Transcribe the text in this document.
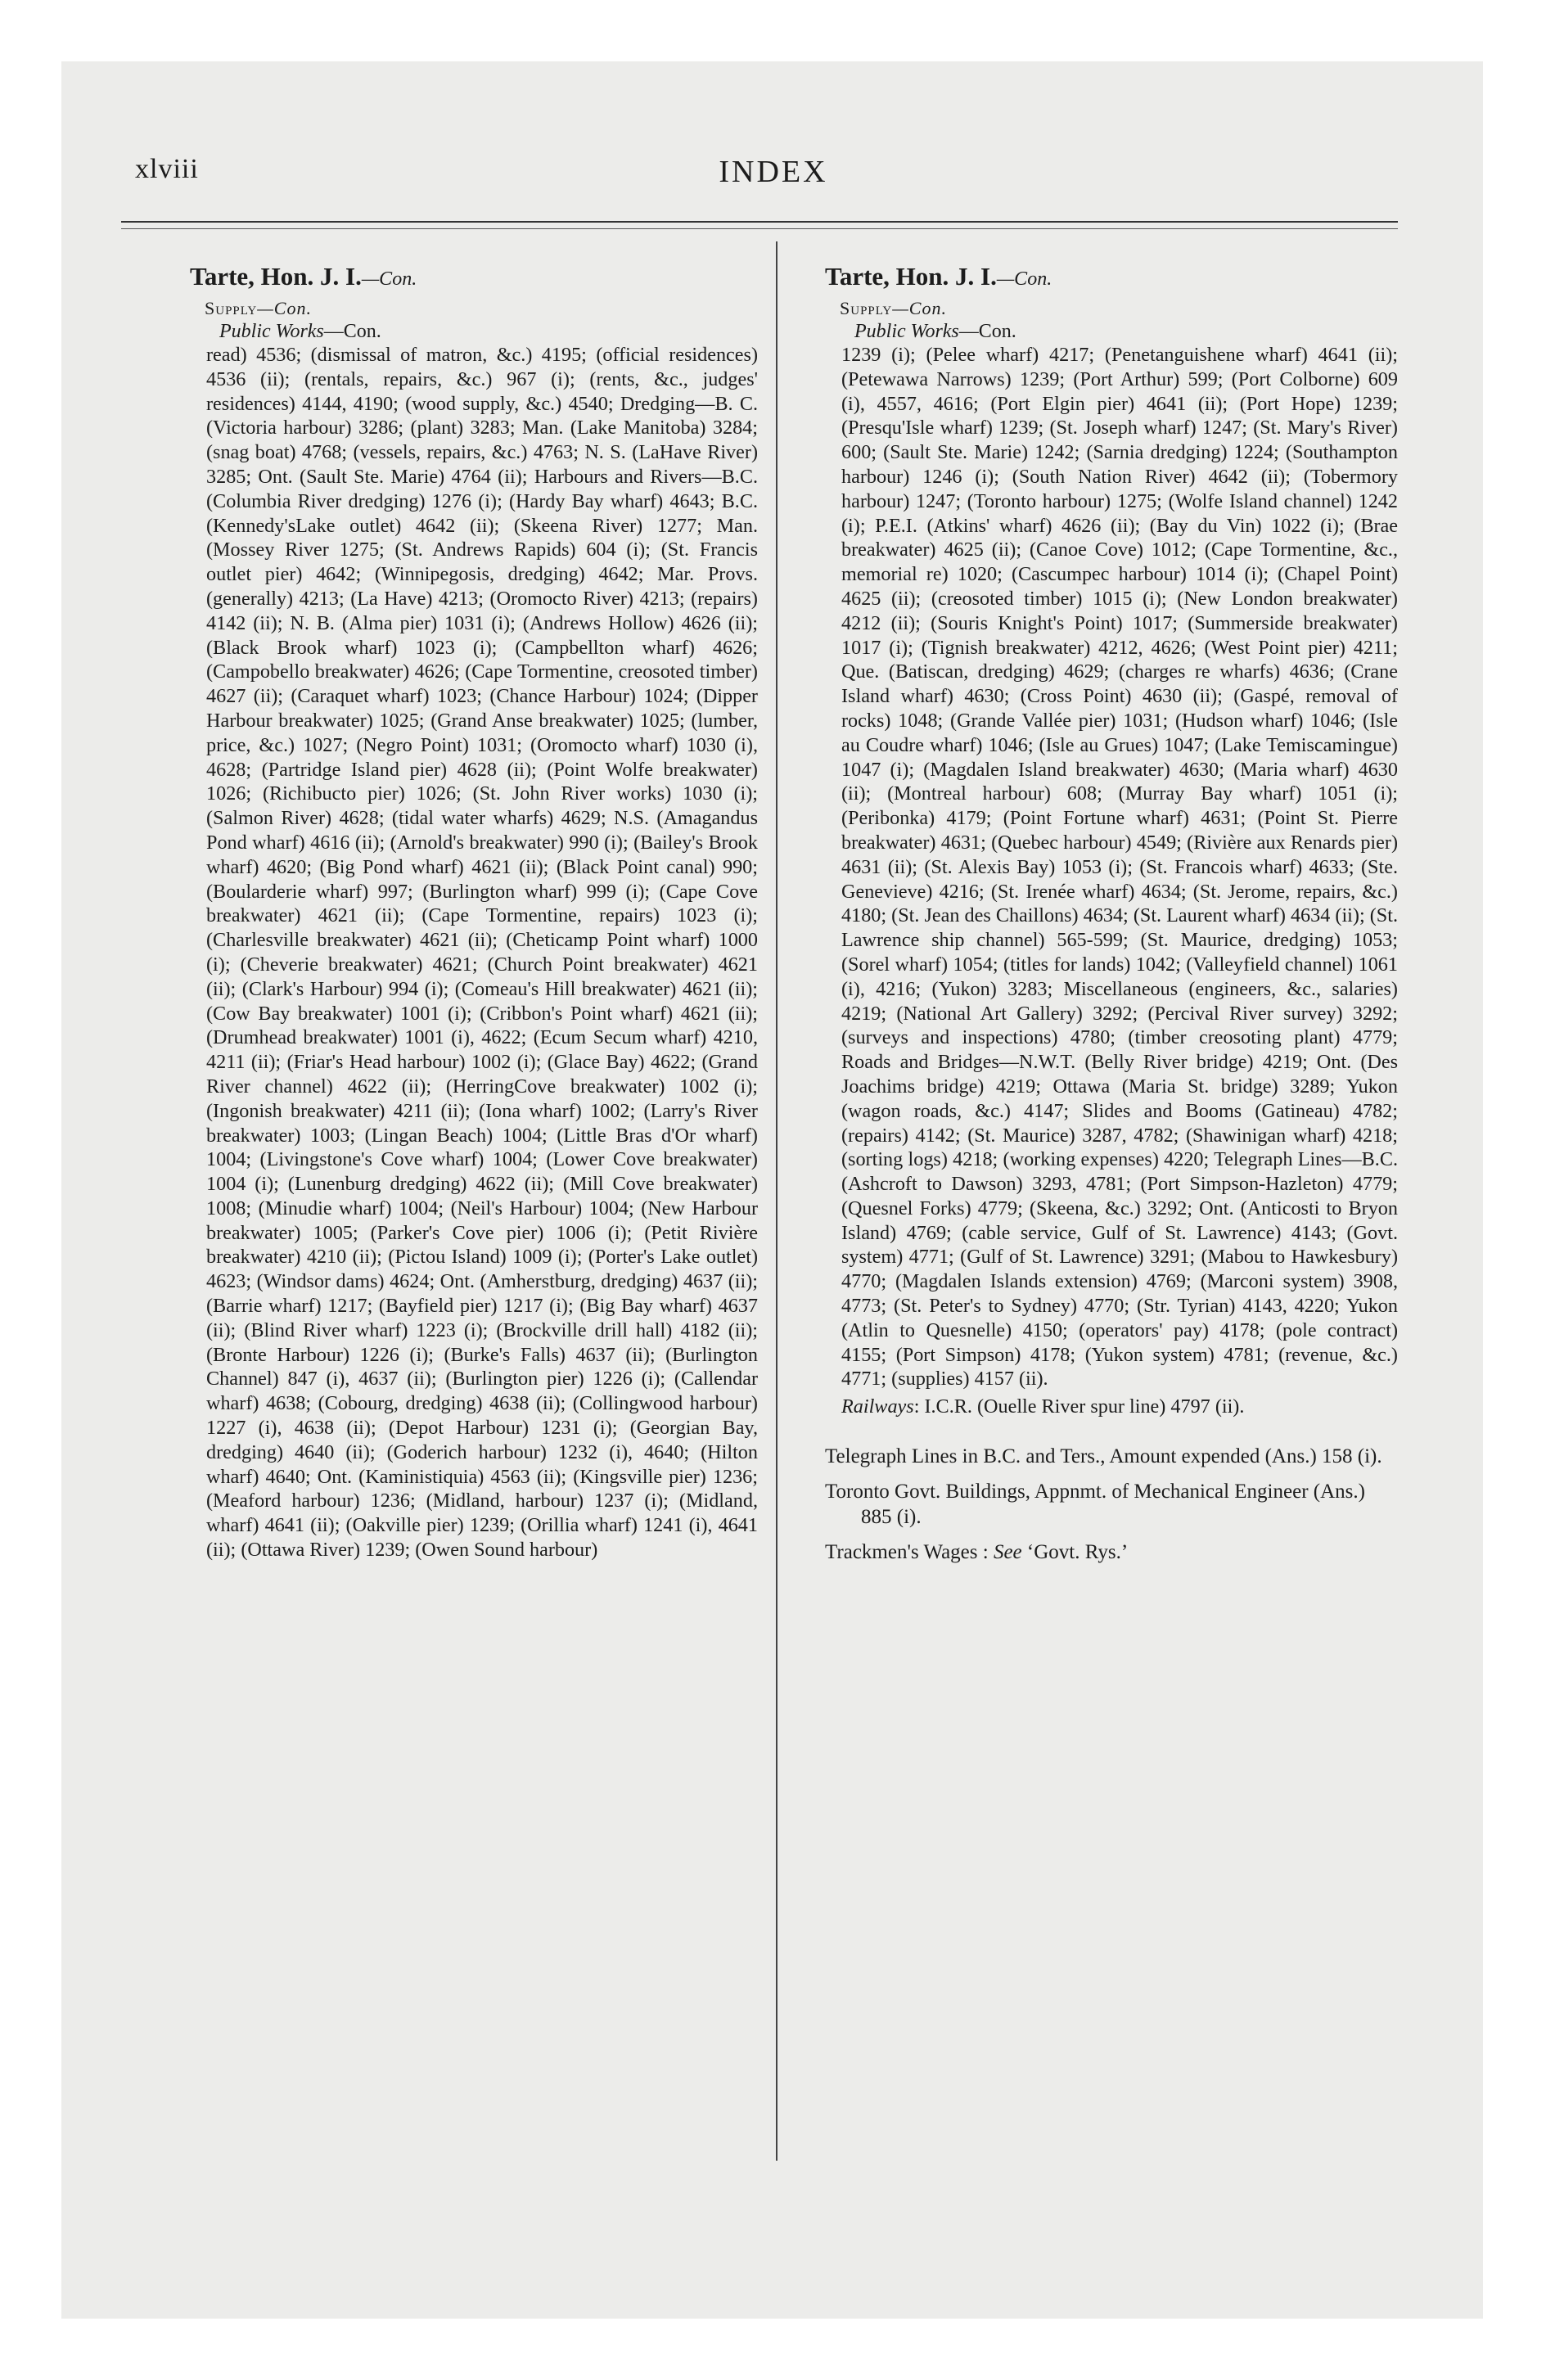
xlviii	INDEX
Tarte, Hon. J. I.—Con.
Supply—Con.
Public Works—Con.

read) 4536; (dismissal of matron, &c.) 4195; (official residences) 4536 (ii); (rentals, repairs, &c.) 967 (i); (rents, &c., judges' residences) 4144, 4190; (wood supply, &c.) 4540; Dredging—B. C. (Victoria harbour) 3286; (plant) 3283; Man. (Lake Manitoba) 3284; (snag boat) 4768; (vessels, repairs, &c.) 4763; N. S. (LaHave River) 3285; Ont. (Sault Ste. Marie) 4764 (ii); Harbours and Rivers—B.C. (Columbia River dredging) 1276 (i); (Hardy Bay wharf) 4643; B.C. (Kennedy'sLake outlet) 4642 (ii); (Skeena River) 1277; Man. (Mossey River 1275; (St. Andrews Rapids) 604 (i); (St. Francis outlet pier) 4642; (Winnipegosis, dredging) 4642; Mar. Provs. (generally) 4213; (La Have) 4213; (Oromocto River) 4213; (repairs) 4142 (ii); N. B. (Alma pier) 1031 (i); (Andrews Hollow) 4626 (ii); (Black Brook wharf) 1023 (i); (Campbellton wharf) 4626; (Campobello breakwater) 4626; (Cape Tormentine, creosoted timber) 4627 (ii); (Caraquet wharf) 1023; (Chance Harbour) 1024; (Dipper Harbour breakwater) 1025; (Grand Anse breakwater) 1025; (lumber, price, &c.) 1027; (Negro Point) 1031; (Oromocto wharf) 1030 (i), 4628; (Partridge Island pier) 4628 (ii); (Point Wolfe breakwater) 1026; (Richibucto pier) 1026; (St. John River works) 1030 (i); (Salmon River) 4628; (tidal water wharfs) 4629; N.S. (Amagandus Pond wharf) 4616 (ii); (Arnold's breakwater) 990 (i); (Bailey's Brook wharf) 4620; (Big Pond wharf) 4621 (ii); (Black Point canal) 990; (Boularderie wharf) 997; (Burlington wharf) 999 (i); (Cape Cove breakwater) 4621 (ii); (Cape Tormentine, repairs) 1023 (i); (Charlesville breakwater) 4621 (ii); (Cheticamp Point wharf) 1000 (i); (Cheverie breakwater) 4621; (Church Point breakwater) 4621 (ii); (Clark's Harbour) 994 (i); (Comeau's Hill breakwater) 4621 (ii); (Cow Bay breakwater) 1001 (i); (Cribbon's Point wharf) 4621 (ii); (Drumhead breakwater) 1001 (i), 4622; (Ecum Secum wharf) 4210, 4211 (ii); (Friar's Head harbour) 1002 (i); (Glace Bay) 4622; (Grand River channel) 4622 (ii); (HerringCove breakwater) 1002 (i); (Ingonish breakwater) 4211 (ii); (Iona wharf) 1002; (Larry's River breakwater) 1003; (Lingan Beach) 1004; (Little Bras d'Or wharf) 1004; (Livingstone's Cove wharf) 1004; (Lower Cove breakwater) 1004 (i); (Lunenburg dredging) 4622 (ii); (Mill Cove breakwater) 1008; (Minudie wharf) 1004; (Neil's Harbour) 1004; (New Harbour breakwater) 1005; (Parker's Cove pier) 1006 (i); (Petit Rivière breakwater) 4210 (ii); (Pictou Island) 1009 (i); (Porter's Lake outlet) 4623; (Windsor dams) 4624; Ont. (Amherstburg, dredging) 4637 (ii); (Barrie wharf) 1217; (Bayfield pier) 1217 (i); (Big Bay wharf) 4637 (ii); (Blind River wharf) 1223 (i); (Brockville drill hall) 4182 (ii); (Bronte Harbour) 1226 (i); (Burke's Falls) 4637 (ii); (Burlington Channel) 847 (i), 4637 (ii); (Burlington pier) 1226 (i); (Callendar wharf) 4638; (Cobourg, dredging) 4638 (ii); (Collingwood harbour) 1227 (i), 4638 (ii); (Depot Harbour) 1231 (i); (Georgian Bay, dredging) 4640 (ii); (Goderich harbour) 1232 (i), 4640; (Hilton wharf) 4640; Ont. (Kaministiquia) 4563 (ii); (Kingsville pier) 1236; (Meaford harbour) 1236; (Midland, harbour) 1237 (i); (Midland, wharf) 4641 (ii); (Oakville pier) 1239; (Orillia wharf) 1241 (i), 4641 (ii); (Ottawa River) 1239; (Owen Sound harbour)

Tarte, Hon. J. I.—Con.
Supply—Con.
Public Works—Con.

1239 (i); (Pelee wharf) 4217; (Penetanguishene wharf) 4641 (ii); (Petewawa Narrows) 1239; (Port Arthur) 599; (Port Colborne) 609 (i), 4557, 4616; (Port Elgin pier) 4641 (ii); (Port Hope) 1239; (Presqu'Isle wharf) 1239; (St. Joseph wharf) 1247; (St. Mary's River) 600; (Sault Ste. Marie) 1242; (Sarnia dredging) 1224; (Southampton harbour) 1246 (i); (South Nation River) 4642 (ii); (Tobermory harbour) 1247; (Toronto harbour) 1275; (Wolfe Island channel) 1242 (i); P.E.I. (Atkins' wharf) 4626 (ii); (Bay du Vin) 1022 (i); (Brae breakwater) 4625 (ii); (Canoe Cove) 1012; (Cape Tormentine, &c., memorial re) 1020; (Cascumpec harbour) 1014 (i); (Chapel Point) 4625 (ii); (creosoted timber) 1015 (i); (New London breakwater) 4212 (ii); (Souris Knight's Point) 1017; (Summerside breakwater) 1017 (i); (Tignish breakwater) 4212, 4626; (West Point pier) 4211; Que. (Batiscan, dredging) 4629; (charges re wharfs) 4636; (Crane Island wharf) 4630; (Cross Point) 4630 (ii); (Gaspé, removal of rocks) 1048; (Grande Vallée pier) 1031; (Hudson wharf) 1046; (Isle au Coudre wharf) 1046; (Isle au Grues) 1047; (Lake Temiscamingue) 1047 (i); (Magdalen Island breakwater) 4630; (Maria wharf) 4630 (ii); (Montreal harbour) 608; (Murray Bay wharf) 1051 (i); (Peribonka) 4179; (Point Fortune wharf) 4631; (Point St. Pierre breakwater) 4631; (Quebec harbour) 4549; (Rivière aux Renards pier) 4631 (ii); (St. Alexis Bay) 1053 (i); (St. Francois wharf) 4633; (Ste. Genevieve) 4216; (St. Irenée wharf) 4634; (St. Jerome, repairs, &c.) 4180; (St. Jean des Chaillons) 4634; (St. Laurent wharf) 4634 (ii); (St. Lawrence ship channel) 565-599; (St. Maurice, dredging) 1053; (Sorel wharf) 1054; (titles for lands) 1042; (Valleyfield channel) 1061 (i), 4216; (Yukon) 3283; Miscellaneous (engineers, &c., salaries) 4219; (National Art Gallery) 3292; (Percival River survey) 3292; (surveys and inspections) 4780; (timber creosoting plant) 4779; Roads and Bridges—N.W.T. (Belly River bridge) 4219; Ont. (Des Joachims bridge) 4219; Ottawa (Maria St. bridge) 3289; Yukon (wagon roads, &c.) 4147; Slides and Booms (Gatineau) 4782; (repairs) 4142; (St. Maurice) 3287, 4782; (Shawinigan wharf) 4218; (sorting logs) 4218; (working expenses) 4220; Telegraph Lines—B.C. (Ashcroft to Dawson) 3293, 4781; (Port Simpson-Hazleton) 4779; (Quesnel Forks) 4779; (Skeena, &c.) 3292; Ont. (Anticosti to Bryon Island) 4769; (cable service, Gulf of St. Lawrence) 4143; (Govt. system) 4771; (Gulf of St. Lawrence) 3291; (Mabou to Hawkesbury) 4770; (Magdalen Islands extension) 4769; (Marconi system) 3908, 4773; (St. Peter's to Sydney) 4770; (Str. Tyrian) 4143, 4220; Yukon (Atlin to Quesnelle) 4150; (operators' pay) 4178; (pole contract) 4155; (Port Simpson) 4178; (Yukon system) 4781; (revenue, &c.) 4771; (supplies) 4157 (ii).

Railways: I.C.R. (Ouelle River spur line) 4797 (ii).

Telegraph Lines in B.C. and Ters., Amount expended (Ans.) 158 (i).

Toronto Govt. Buildings, Appnmt. of Mechanical Engineer (Ans.) 885 (i).

Trackmen's Wages : See ‘Govt. Rys.’
